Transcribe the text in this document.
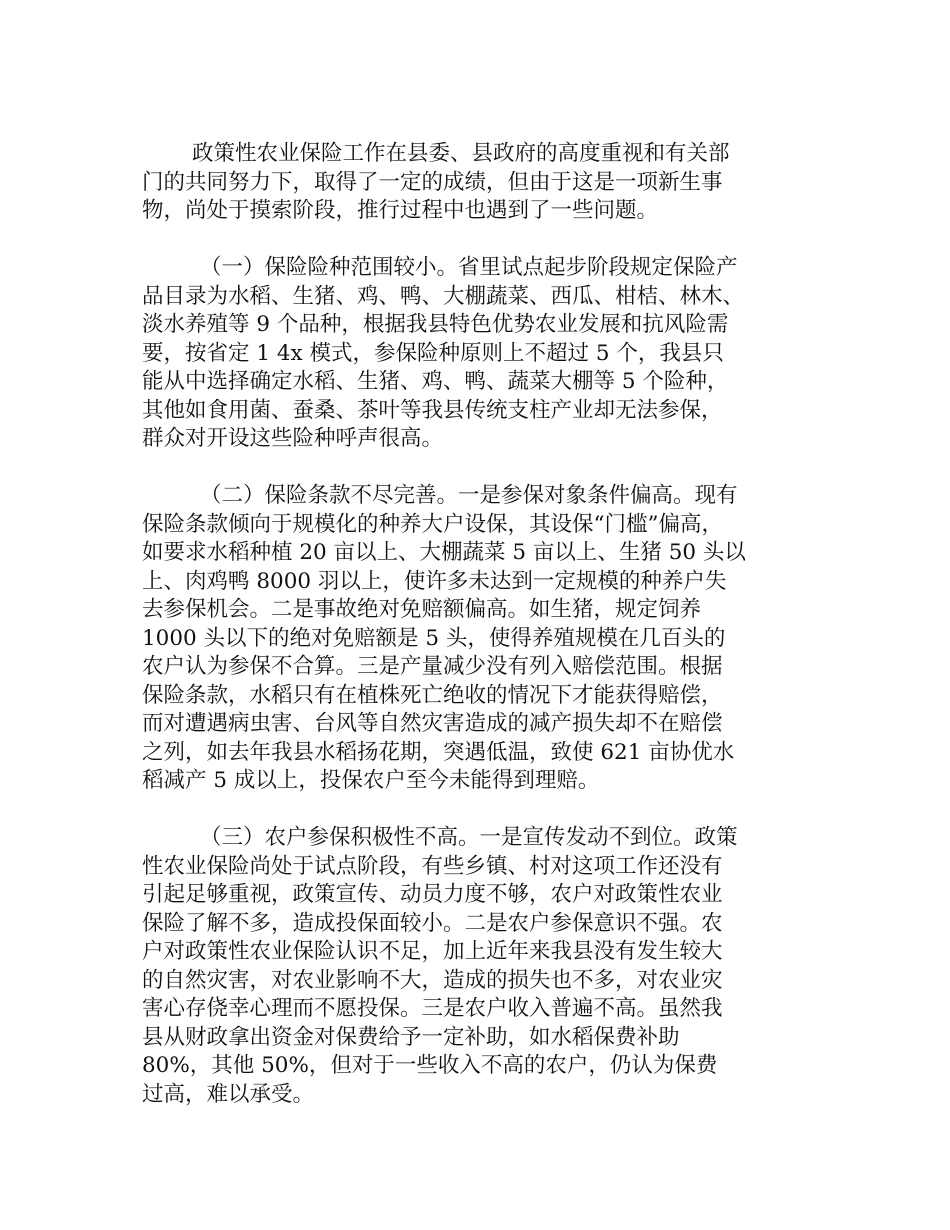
政策性农业保险工作在县委、县政府的高度重视和有关部
门的共同努力下，取得了一定的成绩，但由于这是一项新生事
物，尚处于摸索阶段，推行过程中也遇到了一些问题。
（一）保险险种范围较小。省里试点起步阶段规定保险产
品目录为水稻、生猪、鸡、鸭、大棚蔬菜、西瓜、柑桔、林木、
淡水养殖等 9 个品种，根据我县特色优势农业发展和抗风险需
要，按省定 1 4x 模式，参保险种原则上不超过 5 个，我县只
能从中选择确定水稻、生猪、鸡、鸭、蔬菜大棚等 5 个险种，
其他如食用菌、蚕桑、茶叶等我县传统支柱产业却无法参保，
群众对开设这些险种呼声很高。
（二）保险条款不尽完善。一是参保对象条件偏高。现有
保险条款倾向于规模化的种养大户设保，其设保“门槛”偏高，
如要求水稻种植 20 亩以上、大棚蔬菜 5 亩以上、生猪 50 头以
上、肉鸡鸭 8000 羽以上，使许多未达到一定规模的种养户失
去参保机会。二是事故绝对免赔额偏高。如生猪，规定饲养
1000 头以下的绝对免赔额是 5 头，使得养殖规模在几百头的
农户认为参保不合算。三是产量减少没有列入赔偿范围。根据
保险条款，水稻只有在植株死亡绝收的情况下才能获得赔偿，
而对遭遇病虫害、台风等自然灾害造成的减产损失却不在赔偿
之列，如去年我县水稻扬花期，突遇低温，致使 621 亩协优水
稻减产 5 成以上，投保农户至今未能得到理赔。
（三）农户参保积极性不高。一是宣传发动不到位。政策
性农业保险尚处于试点阶段，有些乡镇、村对这项工作还没有
引起足够重视，政策宣传、动员力度不够，农户对政策性农业
保险了解不多，造成投保面较小。二是农户参保意识不强。农
户对政策性农业保险认识不足，加上近年来我县没有发生较大
的自然灾害，对农业影响不大，造成的损失也不多，对农业灾
害心存侥幸心理而不愿投保。三是农户收入普遍不高。虽然我
县从财政拿出资金对保费给予一定补助，如水稻保费补助
80%，其他 50%，但对于一些收入不高的农户，仍认为保费
过高，难以承受。
